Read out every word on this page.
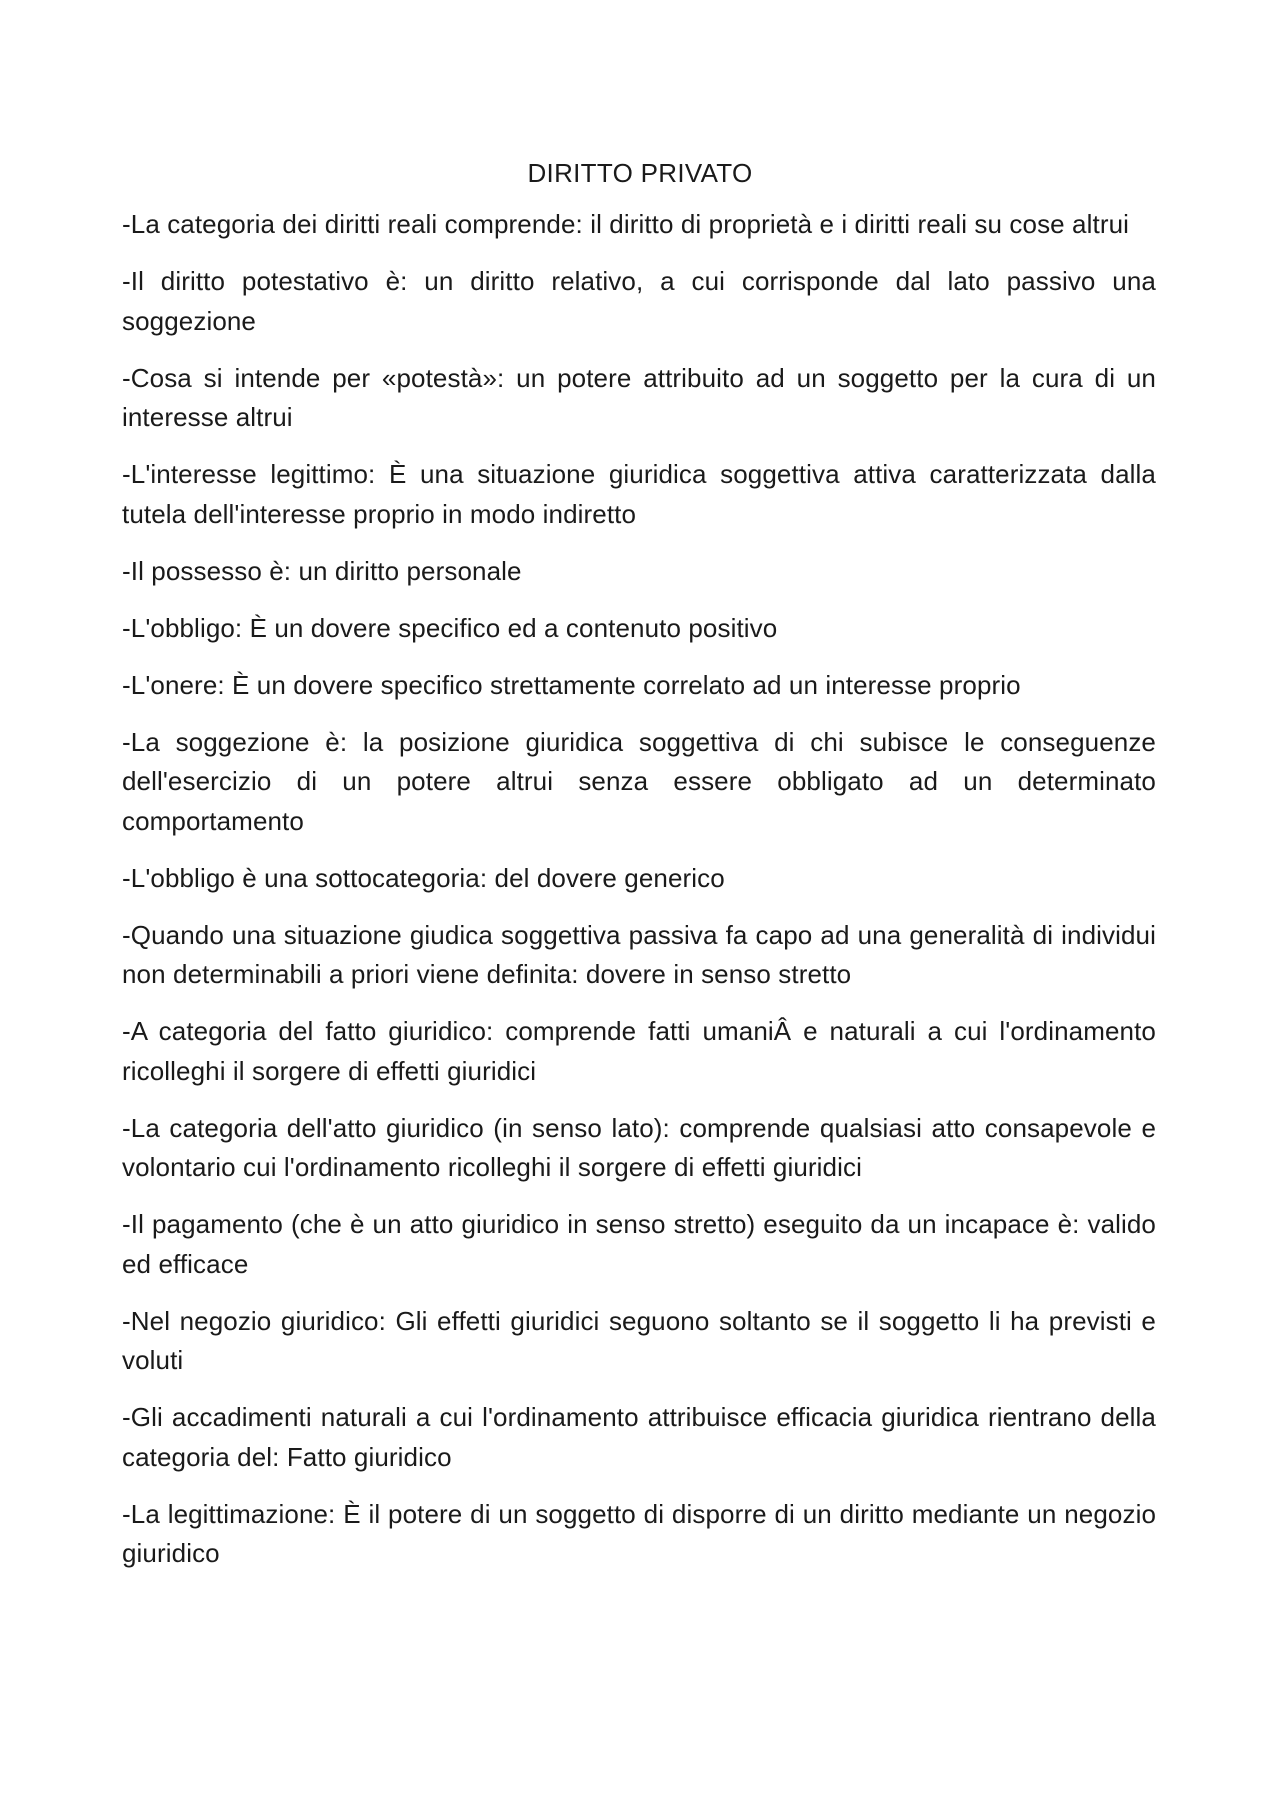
DIRITTO PRIVATO

-La categoria dei diritti reali comprende: il diritto di proprietà e i diritti reali su cose altrui

-Il diritto potestativo è: un diritto relativo, a cui corrisponde dal lato passivo una soggezione

-Cosa si intende per «potestà»: un potere attribuito ad un soggetto per la cura di un interesse altrui

-L'interesse legittimo: È una situazione giuridica soggettiva attiva caratterizzata dalla tutela dell'interesse proprio in modo indiretto

-Il possesso è: un diritto personale

-L'obbligo: È un dovere specifico ed a contenuto positivo

-L'onere: È un dovere specifico strettamente correlato ad un interesse proprio

-La soggezione è: la posizione giuridica soggettiva di chi subisce le conseguenze dell'esercizio di un potere altrui senza essere obbligato ad un determinato comportamento

-L'obbligo è una sottocategoria: del dovere generico

-Quando una situazione giudica soggettiva passiva fa capo ad una generalità di individui non determinabili a priori viene definita: dovere in senso stretto

-A categoria del fatto giuridico: comprende fatti umaniÂ e naturali a cui l'ordinamento ricolleghi il sorgere di effetti giuridici

-La categoria dell'atto giuridico (in senso lato): comprende qualsiasi atto consapevole e volontario cui l'ordinamento ricolleghi il sorgere di effetti giuridici

-Il pagamento (che è un atto giuridico in senso stretto) eseguito da un incapace è: valido ed efficace

-Nel negozio giuridico: Gli effetti giuridici seguono soltanto se il soggetto li ha previsti e voluti

-Gli accadimenti naturali a cui l'ordinamento attribuisce efficacia giuridica rientrano della categoria del: Fatto giuridico

-La legittimazione: È il potere di un soggetto di disporre di un diritto mediante un negozio giuridico
